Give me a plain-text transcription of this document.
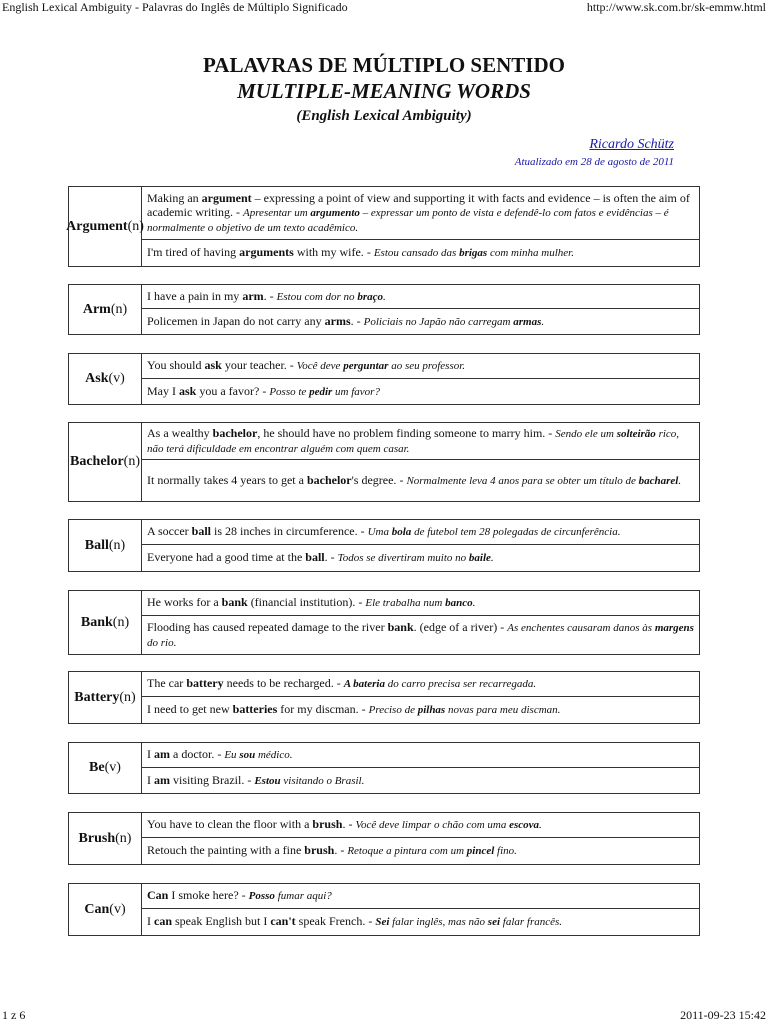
English Lexical Ambiguity - Palavras do Inglês de Múltiplo Significado	http://www.sk.com.br/sk-emmw.html
PALAVRAS DE MÚLTIPLO SENTIDO
MULTIPLE-MEANING WORDS
(English Lexical Ambiguity)
Ricardo Schütz
Atualizado em 28 de agosto de 2011
Argument (n)
Making an argument – expressing a point of view and supporting it with facts and evidence – is often the aim of academic writing. - Apresentar um argumento – expressar um ponto de vista e defendê-lo com fatos e evidências – é normalmente o objetivo de um texto acadêmico.
I'm tired of having arguments with my wife. - Estou cansado das brigas com minha mulher.
Arm (n)
I have a pain in my arm. - Estou com dor no braço.
Policemen in Japan do not carry any arms. - Policiais no Japão não carregam armas.
Ask (v)
You should ask your teacher. - Você deve perguntar ao seu professor.
May I ask you a favor? - Posso te pedir um favor?
Bachelor (n)
As a wealthy bachelor, he should have no problem finding someone to marry him. - Sendo ele um solteirão rico, não terá dificuldade em encontrar alguém com quem casar.
It normally takes 4 years to get a bachelor's degree. - Normalmente leva 4 anos para se obter um título de bacharel.
Ball (n)
A soccer ball is 28 inches in circumference. - Uma bola de futebol tem 28 polegadas de circunferência.
Everyone had a good time at the ball. - Todos se divertiram muito no baile.
Bank (n)
He works for a bank (financial institution). - Ele trabalha num banco.
Flooding has caused repeated damage to the river bank. (edge of a river) - As enchentes causaram danos às margens do rio.
Battery (n)
The car battery needs to be recharged. - A bateria do carro precisa ser recarregada.
I need to get new batteries for my discman. - Preciso de pilhas novas para meu discman.
Be (v)
I am a doctor. - Eu sou médico.
I am visiting Brazil. - Estou visitando o Brasil.
Brush (n)
You have to clean the floor with a brush. - Você deve limpar o chão com uma escova.
Retouch the painting with a fine brush. - Retoque a pintura com um pincel fino.
Can (v)
Can I smoke here? - Posso fumar aqui?
I can speak English but I can't speak French. - Sei falar inglês, mas não sei falar francês.
1 z 6	2011-09-23 15:42
